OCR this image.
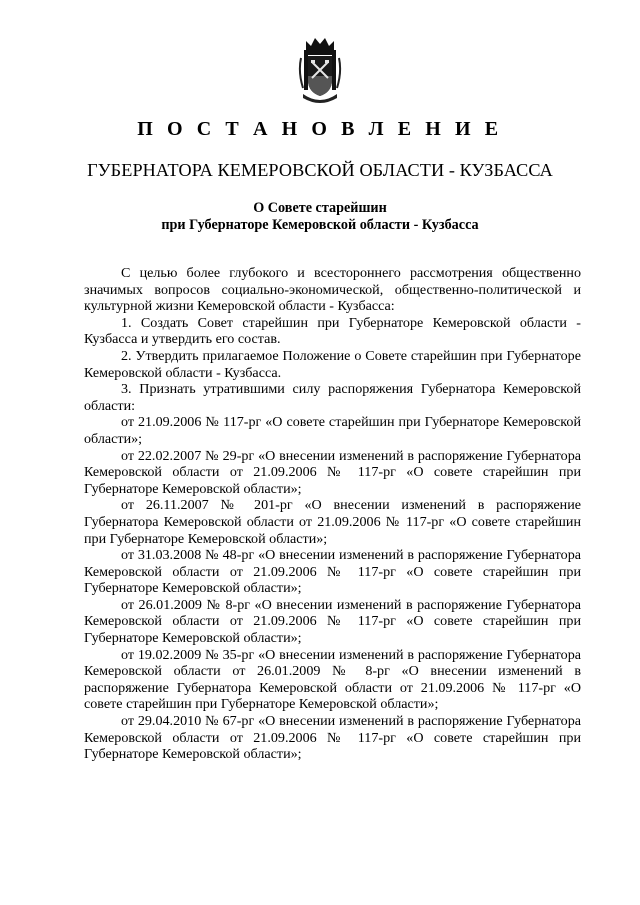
П О С Т А Н О В Л Е Н И Е
ГУБЕРНАТОРА КЕМЕРОВСКОЙ ОБЛАСТИ - КУЗБАССА
О Совете старейшин
при Губернаторе Кемеровской области - Кузбасса

С целью более глубокого и всестороннего рассмотрения общественно значимых вопросов социально-экономической, общественно-политической и культурной жизни Кемеровской области - Кузбасса:

1. Создать Совет старейшин при Губернаторе Кемеровской области - Кузбасса и утвердить его состав.

2. Утвердить прилагаемое Положение о Совете старейшин при Губернаторе Кемеровской области - Кузбасса.

3. Признать утратившими силу распоряжения Губернатора Кемеровской области:

от 21.09.2006 № 117-рг «О совете старейшин при Губернаторе Кемеровской области»;

от 22.02.2007 № 29-рг «О внесении изменений в распоряжение Губернатора Кемеровской области от 21.09.2006 № 117-рг «О совете старейшин при Губернаторе Кемеровской области»;

от 26.11.2007 № 201-рг «О внесении изменений в распоряжение Губернатора Кемеровской области от 21.09.2006 № 117-рг «О совете старейшин при Губернаторе Кемеровской области»;

от 31.03.2008 № 48-рг «О внесении изменений в распоряжение Губернатора Кемеровской области от 21.09.2006 № 117-рг «О совете старейшин при Губернаторе Кемеровской области»;

от 26.01.2009 № 8-рг «О внесении изменений в распоряжение Губернатора Кемеровской области от 21.09.2006 № 117-рг «О совете старейшин при Губернаторе Кемеровской области»;

от 19.02.2009 № 35-рг «О внесении изменений в распоряжение Губернатора Кемеровской области от 26.01.2009 № 8-рг «О внесении изменений в распоряжение Губернатора Кемеровской области от 21.09.2006 № 117-рг «О совете старейшин при Губернаторе Кемеровской области»;

от 29.04.2010 № 67-рг «О внесении изменений в распоряжение Губернатора Кемеровской области от 21.09.2006 № 117-рг «О совете старейшин при Губернаторе Кемеровской области»;
